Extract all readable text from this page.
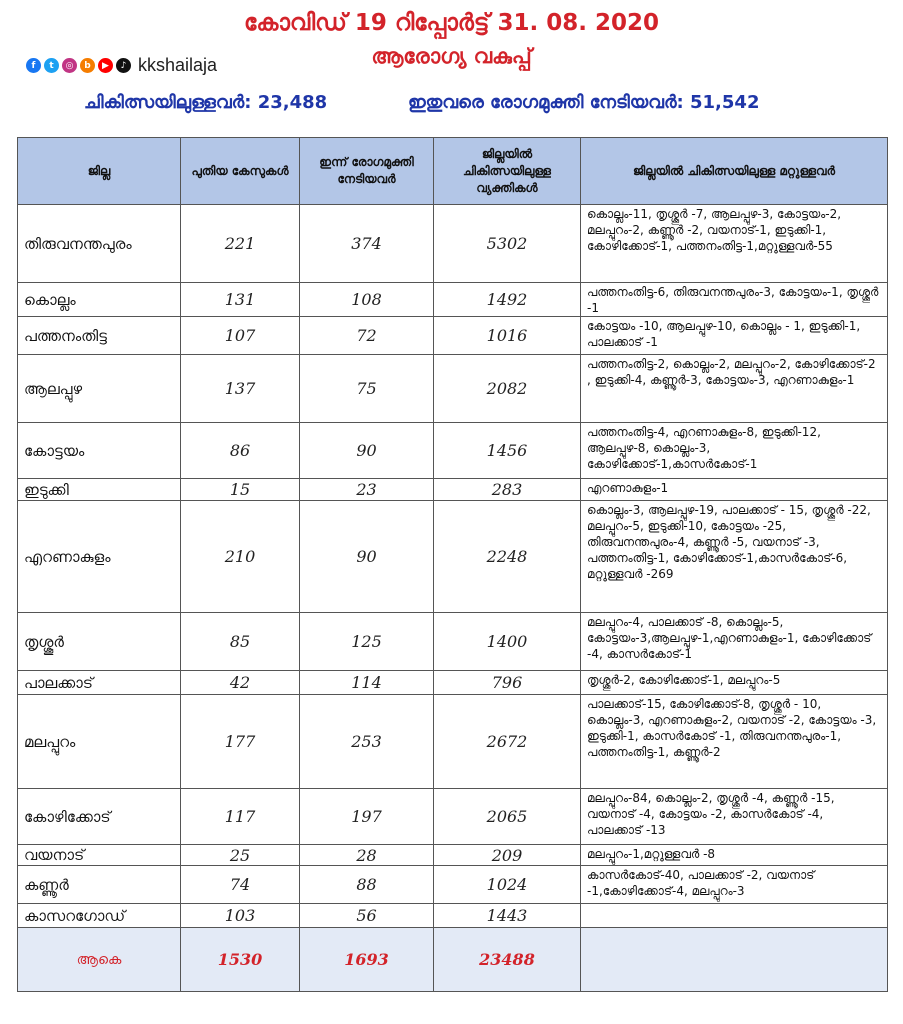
കോവിഡ് 19 റിപ്പോർട്ട് 31. 08. 2020
ആരോഗ്യ വകുപ്പ്
f	t	◎	b	▶	♪ kkshailaja
ചികിത്സയിലുള്ളവർ: 23,488	ഇതുവരെ രോഗമുക്തി നേടിയവർ: 51,542
ജില്ല	പുതിയ കേസുകൾ	ഇന്ന് രോഗമുക്തി നേടിയവർ	ജില്ലയിൽ ചികിത്സയിലുള്ള വ്യക്തികൾ	ജില്ലയിൽ ചികിത്സയിലുള്ള മറ്റുള്ളവർ
തിരുവനന്തപുരം	221	374	5302	കൊല്ലം-11, തൃശ്ശൂർ -7, ആലപ്പുഴ-3, കോട്ടയം-2, മലപ്പുറം-2, കണ്ണൂർ -2, വയനാട്-1, ഇടുക്കി-1, കോഴിക്കോട്-1, പത്തനംതിട്ട-1,മറ്റുള്ളവർ-55
കൊല്ലം	131	108	1492	പത്തനംതിട്ട-6, തിരുവനന്തപുരം-3, കോട്ടയം-1, തൃശ്ശൂർ -1
പത്തനംതിട്ട	107	72	1016	കോട്ടയം -10, ആലപ്പുഴ-10, കൊല്ലം - 1, ഇടുക്കി-1, പാലക്കാട് -1
ആലപ്പുഴ	137	75	2082	പത്തനംതിട്ട-2, കൊല്ലം-2, മലപ്പുറം-2, കോഴിക്കോട്-2 , ഇടുക്കി-4, കണ്ണൂർ-3, കോട്ടയം-3, എറണാകുളം-1
കോട്ടയം	86	90	1456	പത്തനംതിട്ട-4, എറണാകുളം-8, ഇടുക്കി-12, ആലപ്പുഴ-8, കൊല്ലം-3, കോഴിക്കോട്-1,കാസർകോട്-1
ഇടുക്കി	15	23	283	എറണാകുളം-1
എറണാകുളം	210	90	2248	കൊല്ലം-3, ആലപ്പുഴ-19, പാലക്കാട് - 15, തൃശ്ശൂർ -22, മലപ്പുറം-5, ഇടുക്കി-10, കോട്ടയം -25, തിരുവനന്തപുരം-4, കണ്ണൂർ -5, വയനാട് -3, പത്തനംതിട്ട-1, കോഴിക്കോട്-1,കാസർകോട്-6, മറ്റുള്ളവർ -269
തൃശ്ശൂർ	85	125	1400	മലപ്പുറം-4, പാലക്കാട് -8, കൊല്ലം-5, കോട്ടയം-3,ആലപ്പുഴ-1,എറണാകുളം-1, കോഴിക്കോട് -4, കാസർകോട്-1
പാലക്കാട്	42	114	796	തൃശ്ശൂർ-2, കോഴിക്കോട്-1, മലപ്പുറം-5
മലപ്പുറം	177	253	2672	പാലക്കാട്-15, കോഴിക്കോട്-8, തൃശ്ശൂർ - 10, കൊല്ലം-3, എറണാകുളം-2, വയനാട് -2, കോട്ടയം -3, ഇടുക്കി-1, കാസർകോട് -1, തിരുവനന്തപുരം-1, പത്തനംതിട്ട-1, കണ്ണൂർ-2
കോഴിക്കോട്	117	197	2065	മലപ്പുറം-84, കൊല്ലം-2, തൃശ്ശൂർ -4, കണ്ണൂർ -15, വയനാട് -4, കോട്ടയം -2, കാസർകോട് -4, പാലക്കാട് -13
വയനാട്	25	28	209	മലപ്പുറം-1,മറ്റുള്ളവർ -8
കണ്ണൂർ	74	88	1024	കാസർകോട്-40, പാലക്കാട് -2, വയനാട് -1,കോഴിക്കോട്-4, മലപ്പുറം-3
കാസറഗോഡ്	103	56	1443	
ആകെ	1530	1693	23488	
